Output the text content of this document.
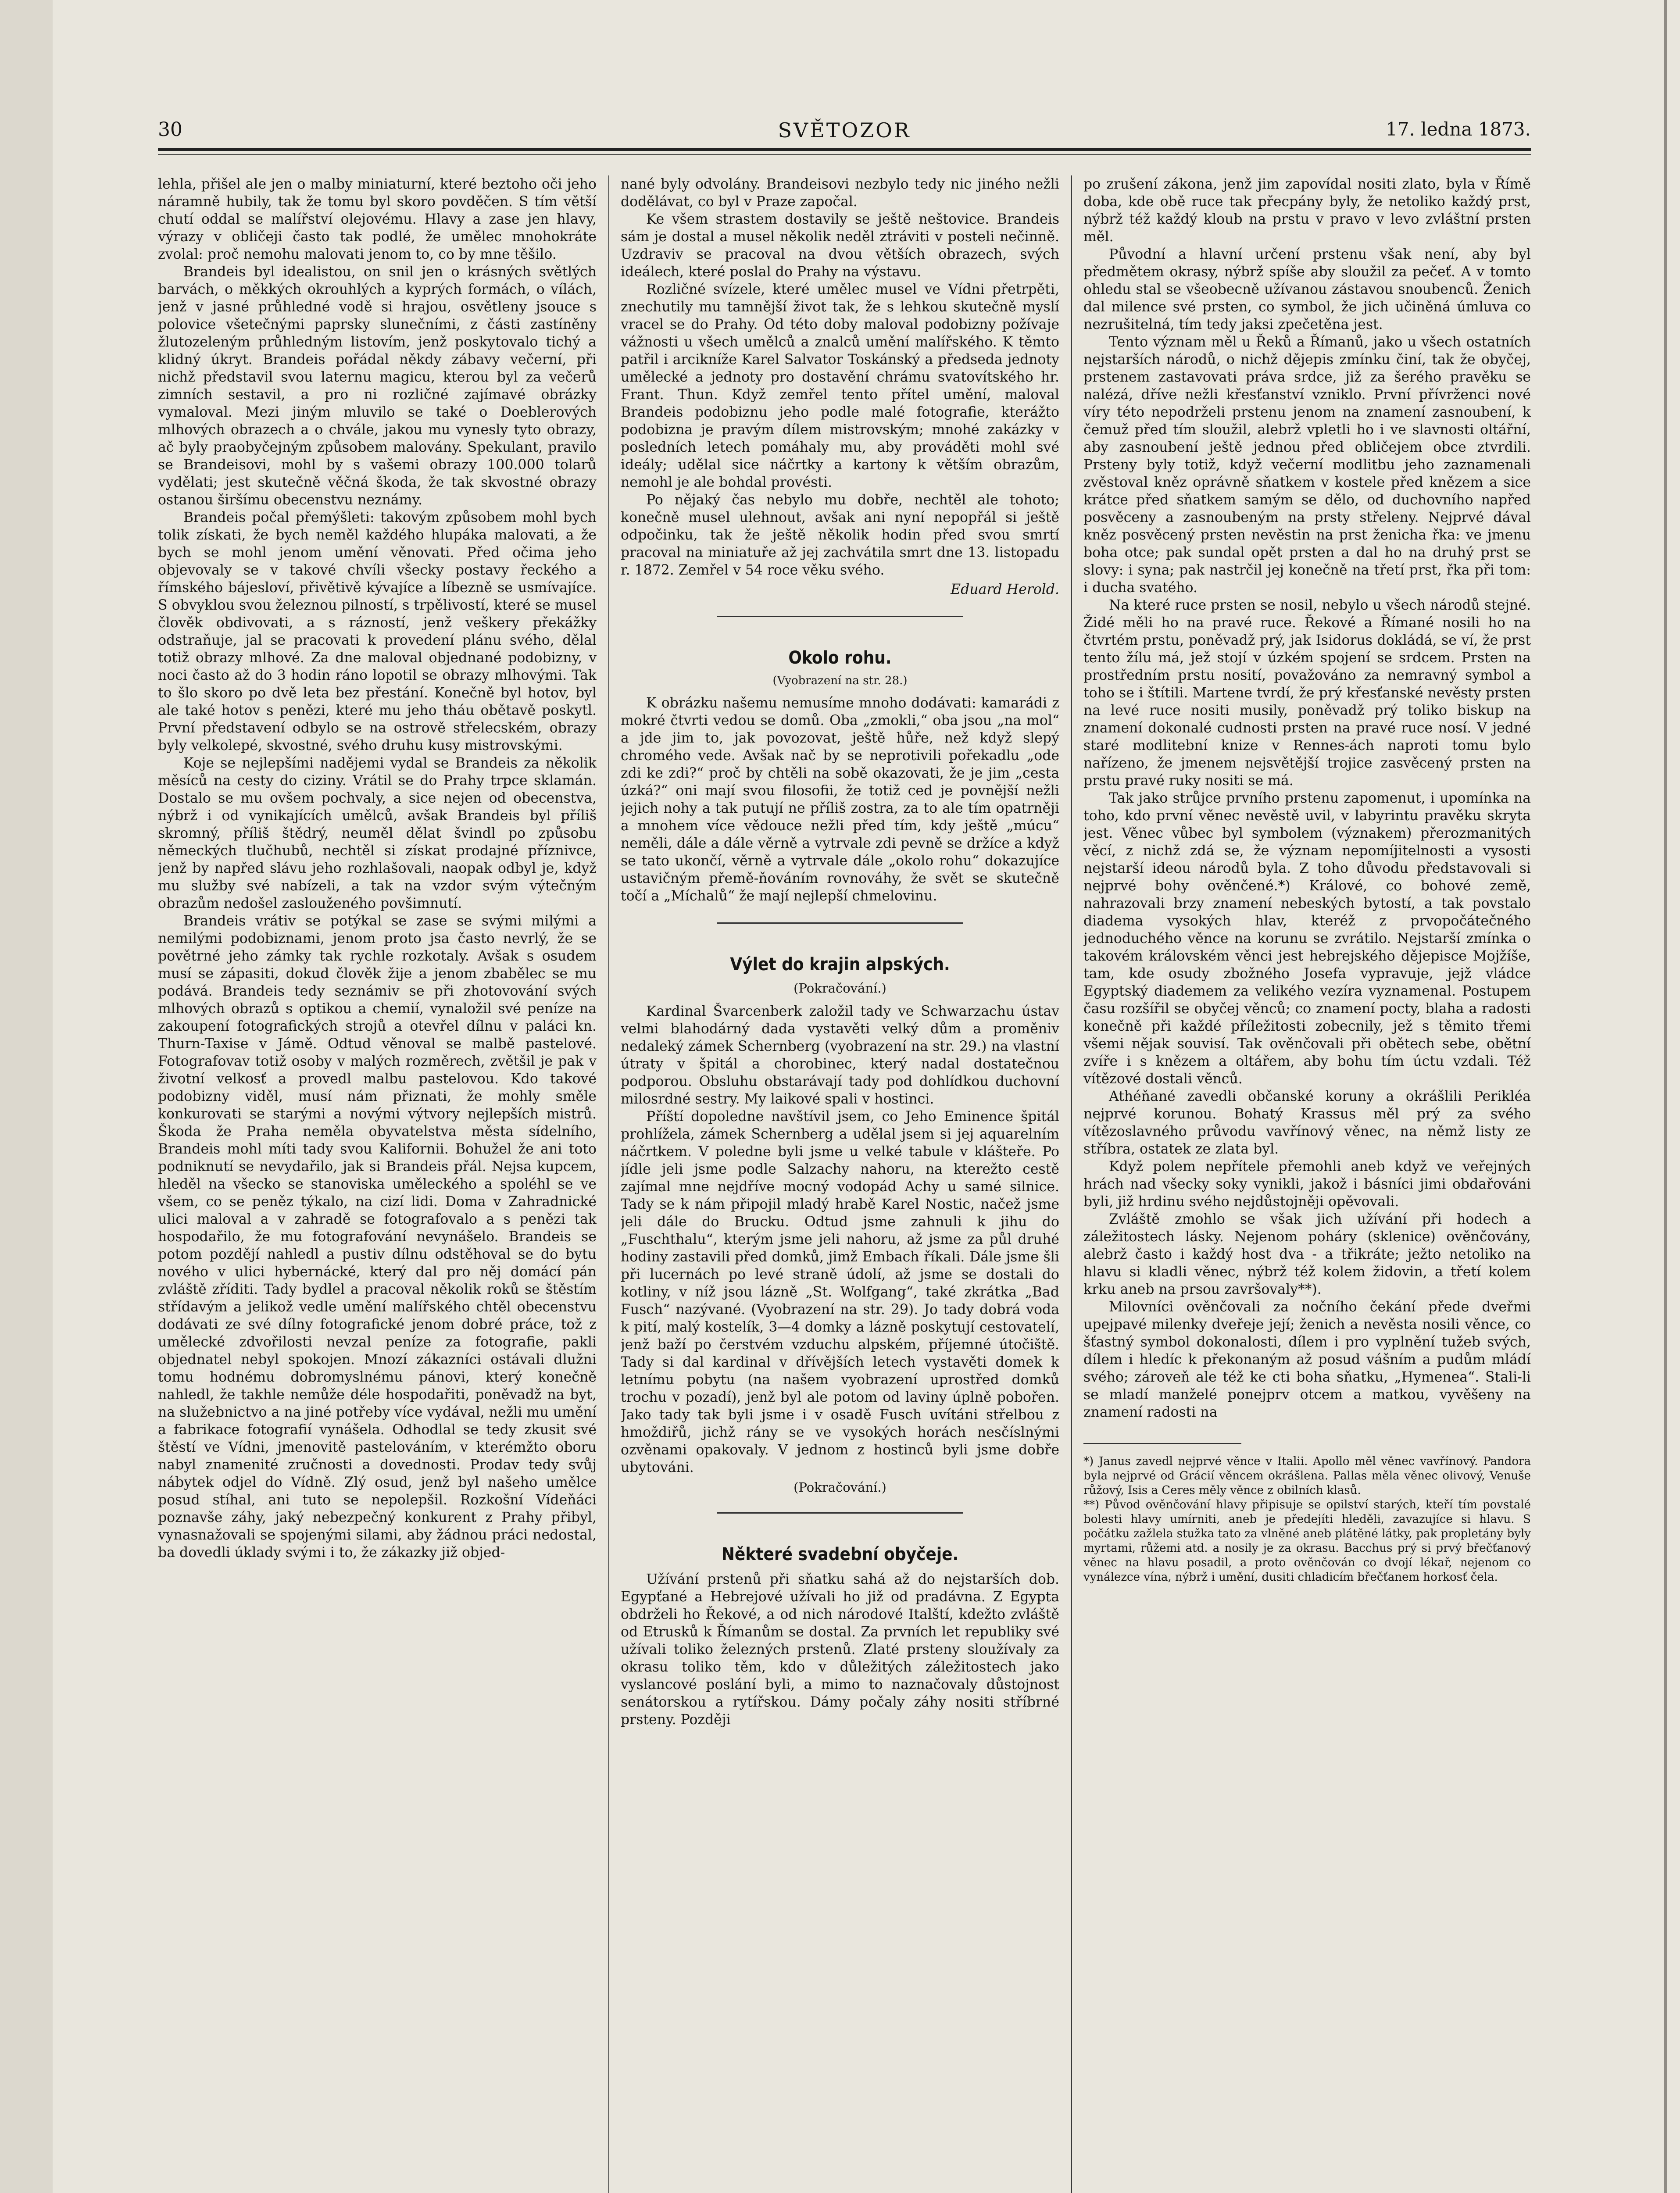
SVĚTOZOR
30	17. ledna 1873.

lehla, přišel ale jen o malby miniaturní, které beztoho oči jeho náramně hubily, tak že tomu byl skoro povděčen. S tím větší chutí oddal se malířství olejovému. Hlavy a zase jen hlavy, výrazy v obličeji často tak podlé, že umělec mnohokráte zvolal: proč nemohu malovati jenom to, co by mne těšilo.

Brandeis byl idealistou, on snil jen o krásných světlých barvách, o měkkých okrouhlých a kyprých formách, o vílách, jenž v jasné průhledné vodě si hrajou, osvětleny jsouce s polovice všetečnými paprsky slunečními, z části zastíněny žlutozeleným průhledným listovím, jenž poskytovalo tichý a klidný úkryt. Brandeis pořádal někdy zábavy večerní, při nichž představil svou laternu magicu, kterou byl za večerů zimních sestavil, a pro ni rozličné zajímavé obrázky vymaloval. Mezi jiným mluvilo se také o Doeblerových mlhových obrazech a o chvále, jakou mu vynesly tyto obrazy, ač byly praobyčejným způsobem malovány. Spekulant, pravilo se Brandeisovi, mohl by s vašemi obrazy 100.000 tolarů vydělati; jest skutečně věčná škoda, že tak skvostné obrazy ostanou širšímu obecenstvu neznámy.

Brandeis počal přemýšleti: takovým způsobem mohl bych tolik získati, že bych neměl každého hlupáka malovati, a že bych se mohl jenom umění věnovati. Před očima jeho objevovaly se v takové chvíli všecky postavy řeckého a římského bájesloví, přivětivě kývajíce a líbezně se usmívajíce. S obvyklou svou železnou pilností, s trpělivostí, které se musel člověk obdivovati, a s rázností, jenž veškery překážky odstraňuje, jal se pracovati k provedení plánu svého, dělal totiž obrazy mlhové. Za dne maloval objednané podobizny, v noci často až do 3 hodin ráno lopotil se obrazy mlhovými. Tak to šlo skoro po dvě leta bez přestání. Konečně byl hotov, byl ale také hotov s penězi, které mu jeho tháu obětavě poskytl. První představení odbylo se na ostrově střelecském, obrazy byly velkolepé, skvostné, svého druhu kusy mistrovskými.

Koje se nejlepšími nadějemi vydal se Brandeis za několik měsíců na cesty do ciziny. Vrátil se do Prahy trpce sklamán. Dostalo se mu ovšem pochvaly, a sice nejen od obecenstva, nýbrž i od vynikajících umělců, avšak Brandeis byl příliš skromný, příliš štědrý, neuměl dělat švindl po způsobu německých tlučhubů, nechtěl si získat prodajné příznivce, jenž by napřed slávu jeho rozhlašovali, naopak odbyl je, když mu služby své nabízeli, a tak na vzdor svým výtečným obrazům nedošel zaslouženého povšimnutí.

Brandeis vrátiv se potýkal se zase se svými milými a nemilými podobiznami, jenom proto jsa často nevrlý, že se povětrné jeho zámky tak rychle rozkotaly. Avšak s osudem musí se zápasiti, dokud člověk žije a jenom zbabělec se mu podává. Brandeis tedy seznámiv se při zhotovování svých mlhových obrazů s optikou a chemií, vynaložil své peníze na zakoupení fotografických strojů a otevřel dílnu v paláci kn. Thurn-Taxise v Jámě. Odtud věnoval se malbě pastelové. Fotografovav totiž osoby v malých rozměrech, zvětšil je pak v životní velkosť a provedl malbu pastelovou. Kdo takové podobizny viděl, musí nám přiznati, že mohly směle konkurovati se starými a novými výtvory nejlepších mistrů. Škoda že Praha neměla obyvatelstva města sídelního, Brandeis mohl míti tady svou Kalifornii. Bohužel že ani toto podniknutí se nevydařilo, jak si Brandeis přál. Nejsa kupcem, hleděl na všecko se stanoviska uměleckého a spoléhl se ve všem, co se peněz týkalo, na cizí lidi. Doma v Zahradnické ulici maloval a v zahradě se fotografovalo a s penězi tak hospodařilo, že mu fotografování nevynášelo. Brandeis se potom pozdějí nahledl a pustiv dílnu odstěhoval se do bytu nového v ulici hybernácké, který dal pro něj domácí pán zvláště zříditi. Tady bydlel a pracoval několik roků se štěstím střídavým a jelikož vedle umění malířského chtěl obecenstvu dodávati ze své dílny fotografické jenom dobré práce, tož z umělecké zdvořilosti nevzal peníze za fotografie, pakli objednatel nebyl spokojen. Mnozí zákazníci ostávali dlužni tomu hodnému dobromyslnému pánovi, který konečně nahledl, že takhle nemůže déle hospodařiti, poněvadž na byt, na služebnictvo a na jiné potřeby více vydával, nežli mu umění a fabrikace fotografií vynášela. Odhodlal se tedy zkusit své štěstí ve Vídni, jmenovitě pastelováním, v kterémžto oboru nabyl znamenité zručnosti a dovednosti. Prodav tedy svůj nábytek odjel do Vídně. Zlý osud, jenž byl našeho umělce posud stíhal, ani tuto se nepolepšil. Rozkošní Vídeňáci poznavše záhy, jaký nebezpečný konkurent z Prahy přibyl, vynasnažovali se spojenými silami, aby žádnou práci nedostal, ba dovedli úklady svými i to, že zákazky již objed-

nané byly odvolány. Brandeisovi nezbylo tedy nic jiného nežli dodělávat, co byl v Praze započal.

Ke všem strastem dostavily se ještě neštovice. Brandeis sám je dostal a musel několik neděl ztráviti v posteli nečinně. Uzdraviv se pracoval na dvou větších obrazech, svých ideálech, které poslal do Prahy na výstavu.

Rozličné svízele, které umělec musel ve Vídni přetrpěti, znechutily mu tamnější život tak, že s lehkou skutečně myslí vracel se do Prahy. Od této doby maloval podobizny požívaje vážnosti u všech umělců a znalců umění malířského. K těmto patřil i arcikníže Karel Salvator Toskánský a předseda jednoty umělecké a jednoty pro dostavění chrámu svatovítského hr. Frant. Thun. Když zemřel tento přítel umění, maloval Brandeis podobiznu jeho podle malé fotografie, kterážto podobizna je pravým dílem mistrovským; mnohé zakázky v posledních letech pomáhaly mu, aby prováděti mohl své ideály; udělal sice náčrtky a kartony k větším obrazům, nemohl je ale bohdal provésti.

Po nějaký čas nebylo mu dobře, nechtěl ale tohoto; konečně musel ulehnout, avšak ani nyní nepopřál si ještě odpočinku, tak že ještě několik hodin před svou smrtí pracoval na miniatuře až jej zachvátila smrt dne 13. listopadu r. 1872. Zemřel v 54 roce věku svého.

Eduard Herold.

Okolo rohu.
(Vyobrazení na str. 28.)

K obrázku našemu nemusíme mnoho dodávati: kamarádi z mokré čtvrti vedou se domů. Oba „zmokli,“ oba jsou „na mol“ a jde jim to, jak povozovat, ještě hůře, než když slepý chromého vede. Avšak nač by se neprotivili pořekadlu „ode zdi ke zdi?“ proč by chtěli na sobě okazovati, že je jim „cesta úzká?“ oni mají svou filosofii, že totiž ced je povnější nežli jejich nohy a tak putují ne příliš zostra, za to ale tím opatrněji a mnohem více vědouce nežli před tím, kdy ještě „múcu“ neměli, dále a dále věrně a vytrvale zdi pevně se držíce a když se tato ukončí, věrně a vytrvale dále „okolo rohu“ dokazujíce ustavičným přemě-ňováním rovnováhy, že svět se skutečně točí a „Míchalů“ že mají nejlepší chmelovinu.

Výlet do krajin alpských.
(Pokračování.)

Kardinal Švarcenberk založil tady ve Schwarzachu ústav velmi blahodárný dada vystavěti velký dům a proměniv nedaleký zámek Schernberg (vyobrazení na str. 29.) na vlastní útraty v špitál a chorobinec, který nadal dostatečnou podporou. Obsluhu obstarávají tady pod dohlídkou duchovní milosrdné sestry. My laikové spali v hostinci.

Příští dopoledne navštívil jsem, co Jeho Eminence špitál prohlížela, zámek Schernberg a udělal jsem si jej aquarelním náčrtkem. V poledne byli jsme u velké tabule v klášteře. Po jídle jeli jsme podle Salzachy nahoru, na kterežto cestě zajímal mne nejdříve mocný vodopád Achy u samé silnice. Tady se k nám připojil mladý hrabě Karel Nostic, načež jsme jeli dále do Brucku. Odtud jsme zahnuli k jihu do „Fuschthalu“, kterým jsme jeli nahoru, až jsme za půl druhé hodiny zastavili před domků, jimž Embach říkali. Dále jsme šli při lucernách po levé straně údolí, až jsme se dostali do kotliny, v níž jsou lázně „St. Wolfgang“, také zkrátka „Bad Fusch“ nazývané. (Vyobrazení na str. 29). Jo tady dobrá voda k pití, malý kostelík, 3—4 domky a lázně poskytují cestovatelí, jenž baží po čerstvém vzduchu alpském, příjemné útočiště. Tady si dal kardinal v dřívějších letech vystavěti domek k letnímu pobytu (na našem vyobrazení uprostřed domků trochu v pozadí), jenž byl ale potom od laviny úplně pobořen. Jako tady tak byli jsme i v osadě Fusch uvítáni střelbou z hmoždiřů, jichž rány se ve vysokých horách nesčíslnými ozvěnami opakovaly. V jednom z hostinců byli jsme dobře ubytováni.

(Pokračování.)
Některé svadební obyčeje.

Užívání prstenů při sňatku sahá až do nejstarších dob. Egypťané a Hebrejové užívali ho již od pradávna. Z Egypta obdrželi ho Řekové, a od nich národové Italští, kdežto zvláště od Etrusků k Římanům se dostal. Za prvních let republiky své užívali tolikо železných prstenů. Zlaté prsteny sloužívaly za okrasu toliko těm, kdo v důležitých záležitostech jako vyslancové poslání byli, a mimo to naznačovaly důstojnost senátorskou a rytířskou. Dámy počaly záhy nositi stříbrné prsteny. Později

po zrušení zákona, jenž jim zapovídal nositi zlato, byla v Římě doba, kde obě ruce tak přecpány byly, že netoliko každý prst, nýbrž též každý kloub na prstu v pravo v levo zvláštní prsten měl.

Původní a hlavní určení prstenu však není, aby byl předmětem okrasy, nýbrž spíše aby sloužil za pečeť. A v tomto ohledu stal se všeobecně užívanou zástavou snoubenců. Ženich dal milence své prsten, co symbol, že jich učiněná úmluva co nezrušitelná, tím tedy jaksi zpečetěna jest.

Tento význam měl u Řeků a Římanů, jako u všech ostatních nejstarších národů, o nichž dějepis zmínku činí, tak že obyčej, prstenem zastavovati práva srdce, již za šerého pravěku se nalézá, dříve nežli křesťanství vzniklo. První přívrženci nové víry této nepodrželi prstenu jenom na znamení zasnoubení, k čemuž před tím sloužil, alebrž vpletli ho i ve slavnosti oltářní, aby zasnoubení ještě jednou před obličejem obce ztvrdili. Prsteny byly totiž, když večerní modlitbu jeho zaznamenali zvěstoval kněz oprávně sňatkem v kostele před knězem a sice krátce před sňatkem samým se dělo, od duchovního napřed posvěceny a zasnoubeným na prsty střeleny. Nejprvé dával kněz posvěcený prsten nevěstin na prst ženicha řka: ve jmenu boha otce; pak sundal opět prsten a dal ho na druhý prst se slovy: i syna; pak nastrčil jej konečně na třetí prst, řka při tom: i ducha svatého.

Na které ruce prsten se nosil, nebylo u všech národů stejné. Židé měli ho na pravé ruce. Řekové a Římané nosili ho na čtvrtém prstu, poněvadž prý, jak Isidorus dokládá, se ví, že prst tento žílu má, jež stojí v úzkém spojení se srdcem. Prsten na prostředním prstu nosití, považováno za nemravný symbol a toho se i štítili. Martene tvrdí, že prý křesťanské nevěsty prsten na levé ruce nositi musily, poněvadž prý toliko biskup na znamení dokonalé cudnosti prsten na pravé ruce nosí. V jedné staré modlitební knize v Rennes-ách naproti tomu bylo nařízeno, že jmenem nejsvětější trojice zasvěcený prsten na prstu pravé ruky nositi se má.

Tak jako strůjce prvního prstenu zapomenut, i upomínka na toho, kdo první věnec nevěstě uvil, v labyrintu pravěku skryta jest. Věnec vůbec byl symbolem (význakem) přerozmanitých věcí, z nichž zdá se, že význam nepomíjitelnosti a vysosti nejstarší ideou národů byla. Z toho důvodu představovali si nejprvé bohy ověnčené.*) Králové, co bohové země, nahrazovali brzy znamení nebeských bytostí, a tak povstalo diadema vysokých hlav, kteréž z prvopočátečného jednoduchého věnce na korunu se zvrátilo. Nejstarší zmínka o takovém královském věnci jest hebrejského dějepisce Mojžíše, tam, kde osudy zbožného Josefa vypravuje, jejž vládce Egyptský diademem za velikého vezíra vyznamenal. Postupem času rozšířil se obyčej věnců; co znamení pocty, blaha a radosti konečně při každé příležitosti zobecnily, jež s těmito třemi všemi nějak souvisí. Tak ověnčovali při obětech sebe, obětní zvíře i s knězem a oltářem, aby bohu tím úctu vzdali. Též vítězové dostali věnců.

Athéňané zavedli občanské koruny a okrášlili Perikléa nejprvé korunou. Bohatý Krassus měl prý za svého vítězoslavného průvodu vavřínový věnec, na němž listy ze stříbra, ostatek ze zlata byl.

Když polem nepřítele přemohli aneb když ve veřejných hrách nad všecky soky vynikli, jakož i básníci jimi obdařováni byli, již hrdinu svého nejdůstojněji opěvovali.

Zvláště zmohlo se však jich užívání při hodech a záležitostech lásky. Nejenom poháry (sklenice) ověnčovány, alebrž často i každý host dva - a třikráte; ježto netoliko na hlavu si kladli věnec, nýbrž též kolem židovin, a třetí kolem krku aneb na prsou završovaly**).

Milovníci ověnčovali za nočního čekání přede dveřmi upejpavé milenky dveřeje její; ženich a nevěsta nosili věnce, co šťastný symbol dokonalosti, dílem i pro vyplnění tužeb svých, dílem i hledíc k překonaným až posud vášním a pudům mládí svého; zároveň ale též ke cti boha sňatku, „Hymenea“. Stali-li se mladí manželé ponejprv otcem a matkou, vyvěšeny na znamení radosti na

*) Janus zavedl nejprvé věnce v Italii. Apollo měl věnec vavřínový. Pandora byla nejprvé od Grácií věncem okrášlena. Pallas měla věnec olivový, Venuše růžový, Isis a Ceres měly věnce z obilních klasů.

**) Původ ověnčování hlavy připisuje se opilství starých, kteří tím povstalé bolesti hlavy umírniti, aneb je předejíti hleděli, zavazujíce si hlavu. S počátku zažlela stužka tato za vlněné aneb plátěné látky, pak propletány byly myrtami, růžemi atd. a nosily je za okrasu. Bacchus prý si prvý břečťanový věnec na hlavu posadil, a proto ověnčován co dvojí lékař, nejenom co vynálezce vína, nýbrž i umění, dusiti chladicím břečťanem horkosť čela.
